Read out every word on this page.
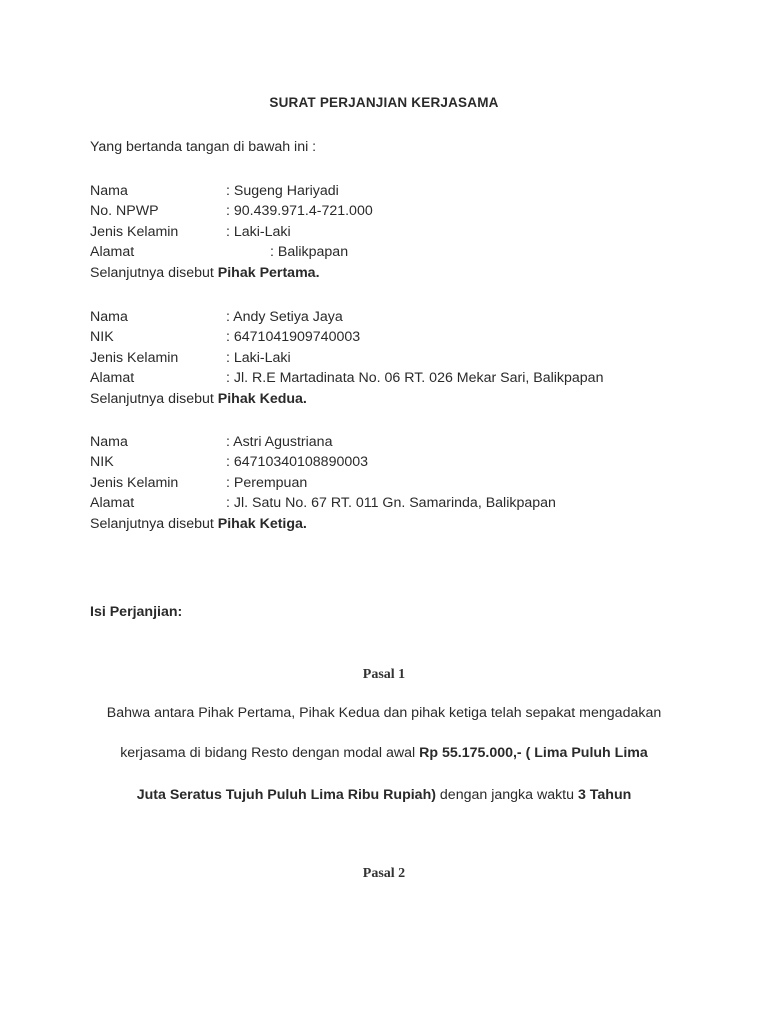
SURAT PERJANJIAN KERJASAMA
Yang bertanda tangan di bawah ini :
Nama	: Sugeng Hariyadi
No. NPWP	: 90.439.971.4-721.000
Jenis Kelamin	: Laki-Laki
Alamat	: Balikpapan
Selanjutnya disebut Pihak Pertama.
Nama	: Andy Setiya Jaya
NIK	: 6471041909740003
Jenis Kelamin	: Laki-Laki
Alamat	: Jl. R.E Martadinata No. 06 RT. 026 Mekar Sari, Balikpapan
Selanjutnya disebut Pihak Kedua.
Nama	: Astri Agustriana
NIK	: 64710340108890003
Jenis Kelamin	: Perempuan
Alamat	: Jl. Satu No. 67 RT. 011 Gn. Samarinda, Balikpapan
Selanjutnya disebut Pihak Ketiga.
Isi Perjanjian:
Pasal 1
Bahwa antara Pihak Pertama, Pihak Kedua dan pihak ketiga telah sepakat mengadakan
kerjasama di bidang Resto dengan modal awal Rp 55.175.000,- ( Lima Puluh Lima
Juta Seratus Tujuh Puluh Lima Ribu Rupiah) dengan jangka waktu 3 Tahun
Pasal 2
